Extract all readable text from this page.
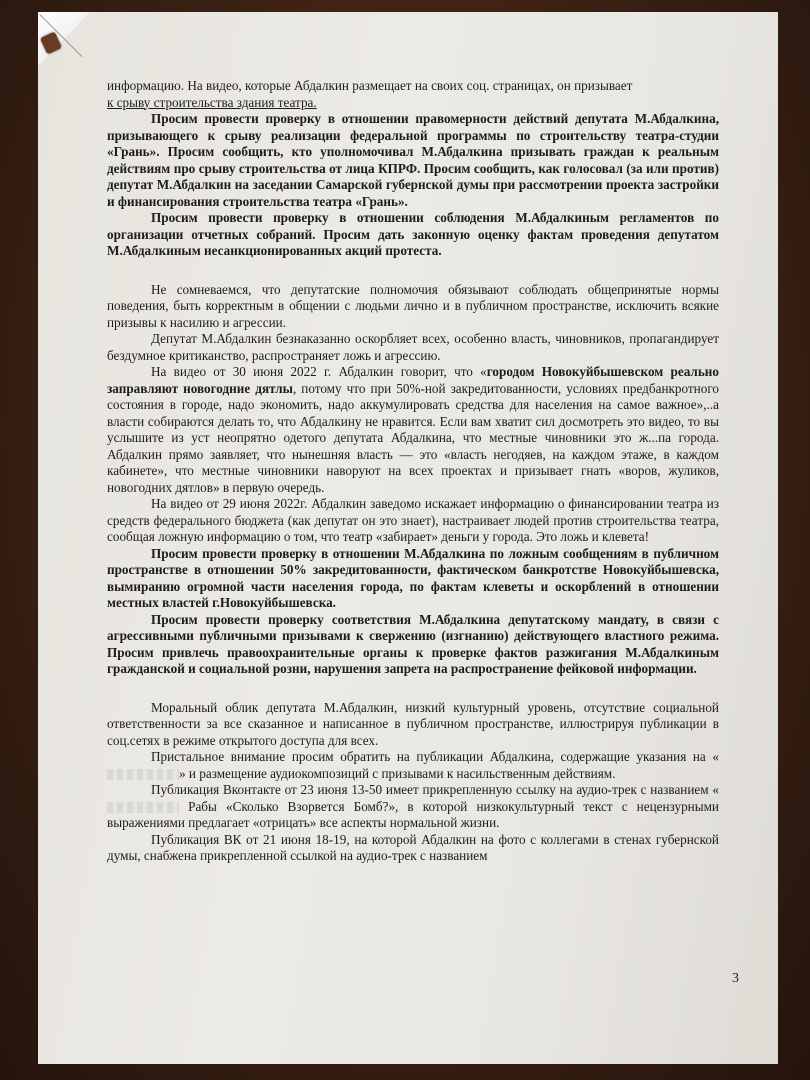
информацию. На видео, которые Абдалкин размещает на своих соц. страницах, он призывает
к срыву строительства здания театра.

Просим провести проверку в отношении правомерности действий депутата М.Абдалкина, призывающего к срыву реализации федеральной программы по строительству театра-студии «Грань». Просим сообщить, кто уполномочивал М.Абдалкина призывать граждан к реальным действиям про срыву строительства от лица КПРФ. Просим сообщить, как голосовал (за или против) депутат М.Абдалкин на заседании Самарской губернской думы при рассмотрении проекта застройки и финансирования строительства театра «Грань».

Просим провести проверку в отношении соблюдения М.Абдалкиным регламентов по организации отчетных собраний. Просим дать законную оценку фактам проведения депутатом М.Абдалкиным несанкционированных акций протеста.

Не сомневаемся, что депутатские полномочия обязывают соблюдать общепринятые нормы поведения, быть корректным в общении с людьми лично и в публичном пространстве, исключить всякие призывы к насилию и агрессии.

Депутат М.Абдалкин безнаказанно оскорбляет всех, особенно власть, чиновников, пропагандирует бездумное критиканство, распространяет ложь и агрессию.

На видео от 30 июня 2022 г. Абдалкин говорит, что «городом Новокуйбышевском реально заправляют новогодние дятлы, потому что при 50%-ной закредитованности, условиях предбанкротного состояния в городе, надо экономить, надо аккумулировать средства для населения на самое важное»,..а власти собираются делать то, что Абдалкину не нравится. Если вам хватит сил досмотреть это видео, то вы услышите из уст неопрятно одетого депутата Абдалкина, что местные чиновники это ж...па города. Абдалкин прямо заявляет, что нынешняя власть — это «власть негодяев, на каждом этаже, в каждом кабинете», что местные чиновники наворуют на всех проектах и призывает гнать «воров, жуликов, новогодних дятлов» в первую очередь.

На видео от 29 июня 2022г. Абдалкин заведомо искажает информацию о финансировании театра из средств федерального бюджета (как депутат он это знает), настраивает людей против строительства театра, сообщая ложную информацию о том, что театр «забирает» деньги у города. Это ложь и клевета!

Просим провести проверку в отношении М.Абдалкина по ложным сообщениям в публичном пространстве в отношении 50% закредитованности, фактическом банкротстве Новокуйбышевска, вымиранию огромной части населения города, по фактам клеветы и оскорблений в отношении местных властей г.Новокуйбышевска.

Просим провести проверку соответствия М.Абдалкина депутатскому мандату, в связи с агрессивными публичными призывами к свержению (изгнанию) действующего властного режима. Просим привлечь правоохранительные органы к проверке фактов разжигания М.Абдалкиным гражданской и социальной розни, нарушения запрета на распространение фейковой информации.

Моральный облик депутата М.Абдалкин, низкий культурный уровень, отсутствие социальной ответственности за все сказанное и написанное в публичном пространстве, иллюстрируя публикации в соц.сетях в режиме открытого доступа для всех.

Пристальное внимание просим обратить на публикации Абдалкина, содержащие указания на «» и размещение аудиокомпозиций с призывами к насильственным действиям.

Публикация Вконтакте от 23 июня 13-50 имеет прикрепленную ссылку на аудио-трек с названием « Рабы «Сколько Взорвется Бомб?», в которой низкокультурный текст с нецензурными выражениями предлагает «отрицать» все аспекты нормальной жизни.

Публикация ВК от 21 июня 18-19, на которой Абдалкин на фото с коллегами в стенах губернской думы, снабжена прикрепленной ссылкой на аудио-трек с названием

3
